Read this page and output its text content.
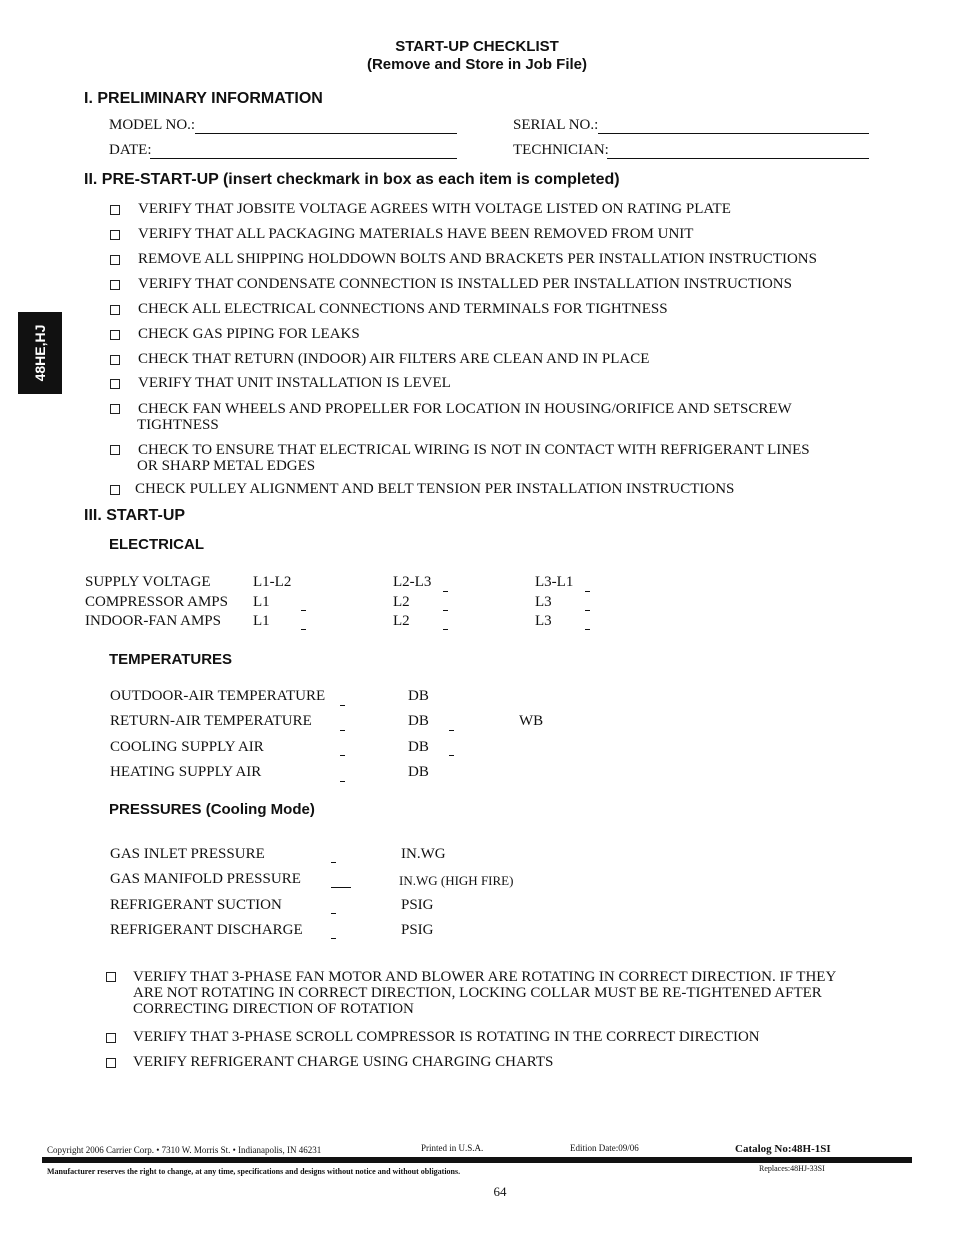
START-UP CHECKLIST
(Remove and Store in Job File)
48HE,HJ
I. PRELIMINARY INFORMATION
MODEL NO.:	SERIAL NO.:
DATE:	TECHNICIAN:
II. PRE-START-UP (insert checkmark in box as each item is completed)
VERIFY THAT JOBSITE VOLTAGE AGREES WITH VOLTAGE LISTED ON RATING PLATE
VERIFY THAT ALL PACKAGING MATERIALS HAVE BEEN REMOVED FROM UNIT
REMOVE ALL SHIPPING HOLDDOWN BOLTS AND BRACKETS PER INSTALLATION INSTRUCTIONS
VERIFY THAT CONDENSATE CONNECTION IS INSTALLED PER INSTALLATION INSTRUCTIONS
CHECK ALL ELECTRICAL CONNECTIONS AND TERMINALS FOR TIGHTNESS
CHECK GAS PIPING FOR LEAKS
CHECK THAT RETURN (INDOOR) AIR FILTERS ARE CLEAN AND IN PLACE
VERIFY THAT UNIT INSTALLATION IS LEVEL
CHECK FAN WHEELS AND PROPELLER FOR LOCATION IN HOUSING/ORIFICE AND SETSCREW TIGHTNESS
CHECK TO ENSURE THAT ELECTRICAL WIRING IS NOT IN CONTACT WITH REFRIGERANT LINES OR SHARP METAL EDGES
CHECK PULLEY ALIGNMENT AND BELT TENSION PER INSTALLATION INSTRUCTIONS
III. START-UP
ELECTRICAL
SUPPLY VOLTAGE	L1-L2	L2-L3	L3-L1
COMPRESSOR AMPS L1	L2	L3
INDOOR-FAN AMPS L1	L2	L3
TEMPERATURES
OUTDOOR-AIR TEMPERATURE	DB
RETURN-AIR TEMPERATURE	DB	WB
COOLING SUPPLY AIR	DB
HEATING SUPPLY AIR	DB
PRESSURES (Cooling Mode)
GAS INLET PRESSURE	IN.WG
GAS MANIFOLD PRESSURE	IN.WG (HIGH FIRE)
REFRIGERANT SUCTION	PSIG
REFRIGERANT DISCHARGE	PSIG
VERIFY THAT 3-PHASE FAN MOTOR AND BLOWER ARE ROTATING IN CORRECT DIRECTION. IF THEY ARE NOT ROTATING IN CORRECT DIRECTION, LOCKING COLLAR MUST BE RE-TIGHTENED AFTER CORRECTING DIRECTION OF ROTATION
VERIFY THAT 3-PHASE SCROLL COMPRESSOR IS ROTATING IN THE CORRECT DIRECTION
VERIFY REFRIGERANT CHARGE USING CHARGING CHARTS
Copyright 2006 Carrier Corp. • 7310 W. Morris St. • Indianapolis, IN 46231	Printed in U.S.A.	Edition Date:09/06	Catalog No:48H-1SI
Manufacturer reserves the right to change, at any time, specifications and designs without notice and without obligations.	Replaces:48HJ-33SI
64
